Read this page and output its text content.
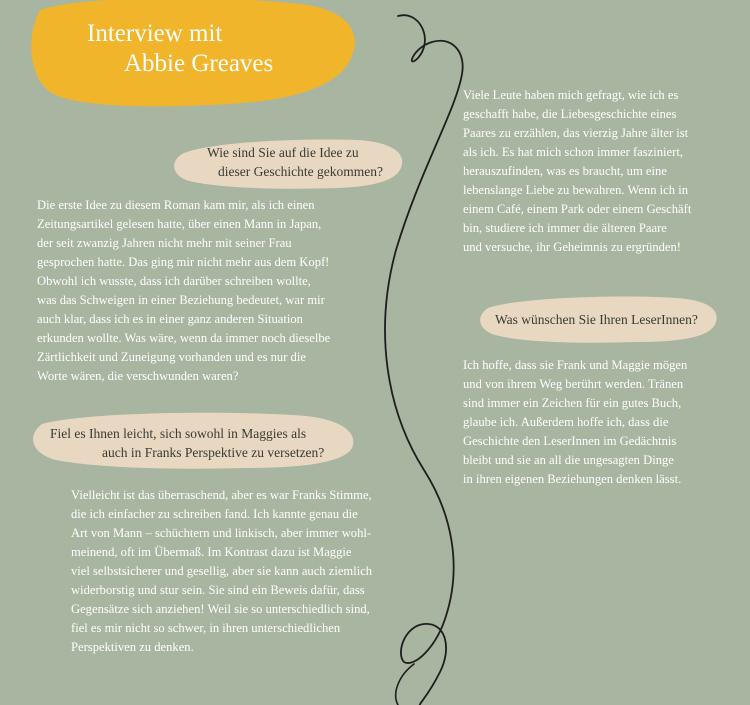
Interview mit
Abbie Greaves
Wie sind Sie auf die Idee zu
dieser Geschichte gekommen?
Die erste Idee zu diesem Roman kam mir, als ich einen
Zeitungsartikel gelesen hatte, über einen Mann in Japan,
der seit zwanzig Jahren nicht mehr mit seiner Frau
gesprochen hatte. Das ging mir nicht mehr aus dem Kopf!
Obwohl ich wusste, dass ich darüber schreiben wollte,
was das Schweigen in einer Beziehung bedeutet, war mir
auch klar, dass ich es in einer ganz anderen Situation
erkunden wollte. Was wäre, wenn da immer noch dieselbe
Zärtlichkeit und Zuneigung vorhanden und es nur die
Worte wären, die verschwunden waren?
Fiel es Ihnen leicht, sich sowohl in Maggies als
auch in Franks Perspektive zu versetzen?
Vielleicht ist das überraschend, aber es war Franks Stimme,
die ich einfacher zu schreiben fand. Ich kannte genau die
Art von Mann – schüchtern und linkisch, aber immer wohl-
meinend, oft im Übermaß. Im Kontrast dazu ist Maggie
viel selbstsicherer und gesellig, aber sie kann auch ziemlich
widerborstig und stur sein. Sie sind ein Beweis dafür, dass
Gegensätze sich anziehen! Weil sie so unterschiedlich sind,
fiel es mir nicht so schwer, in ihren unterschiedlichen
Perspektiven zu denken.
Viele Leute haben mich gefragt, wie ich es
geschafft habe, die Liebesgeschichte eines
Paares zu erzählen, das vierzig Jahre älter ist
als ich. Es hat mich schon immer fasziniert,
herauszufinden, was es braucht, um eine
lebenslange Liebe zu bewahren. Wenn ich in
einem Café, einem Park oder einem Geschäft
bin, studiere ich immer die älteren Paare
und versuche, ihr Geheimnis zu ergründen!
Was wünschen Sie Ihren LeserInnen?
Ich hoffe, dass sie Frank und Maggie mögen
und von ihrem Weg berührt werden. Tränen
sind immer ein Zeichen für ein gutes Buch,
glaube ich. Außerdem hoffe ich, dass die
Geschichte den LeserInnen im Gedächtnis
bleibt und sie an all die ungesagten Dinge
in ihren eigenen Beziehungen denken lässt.
